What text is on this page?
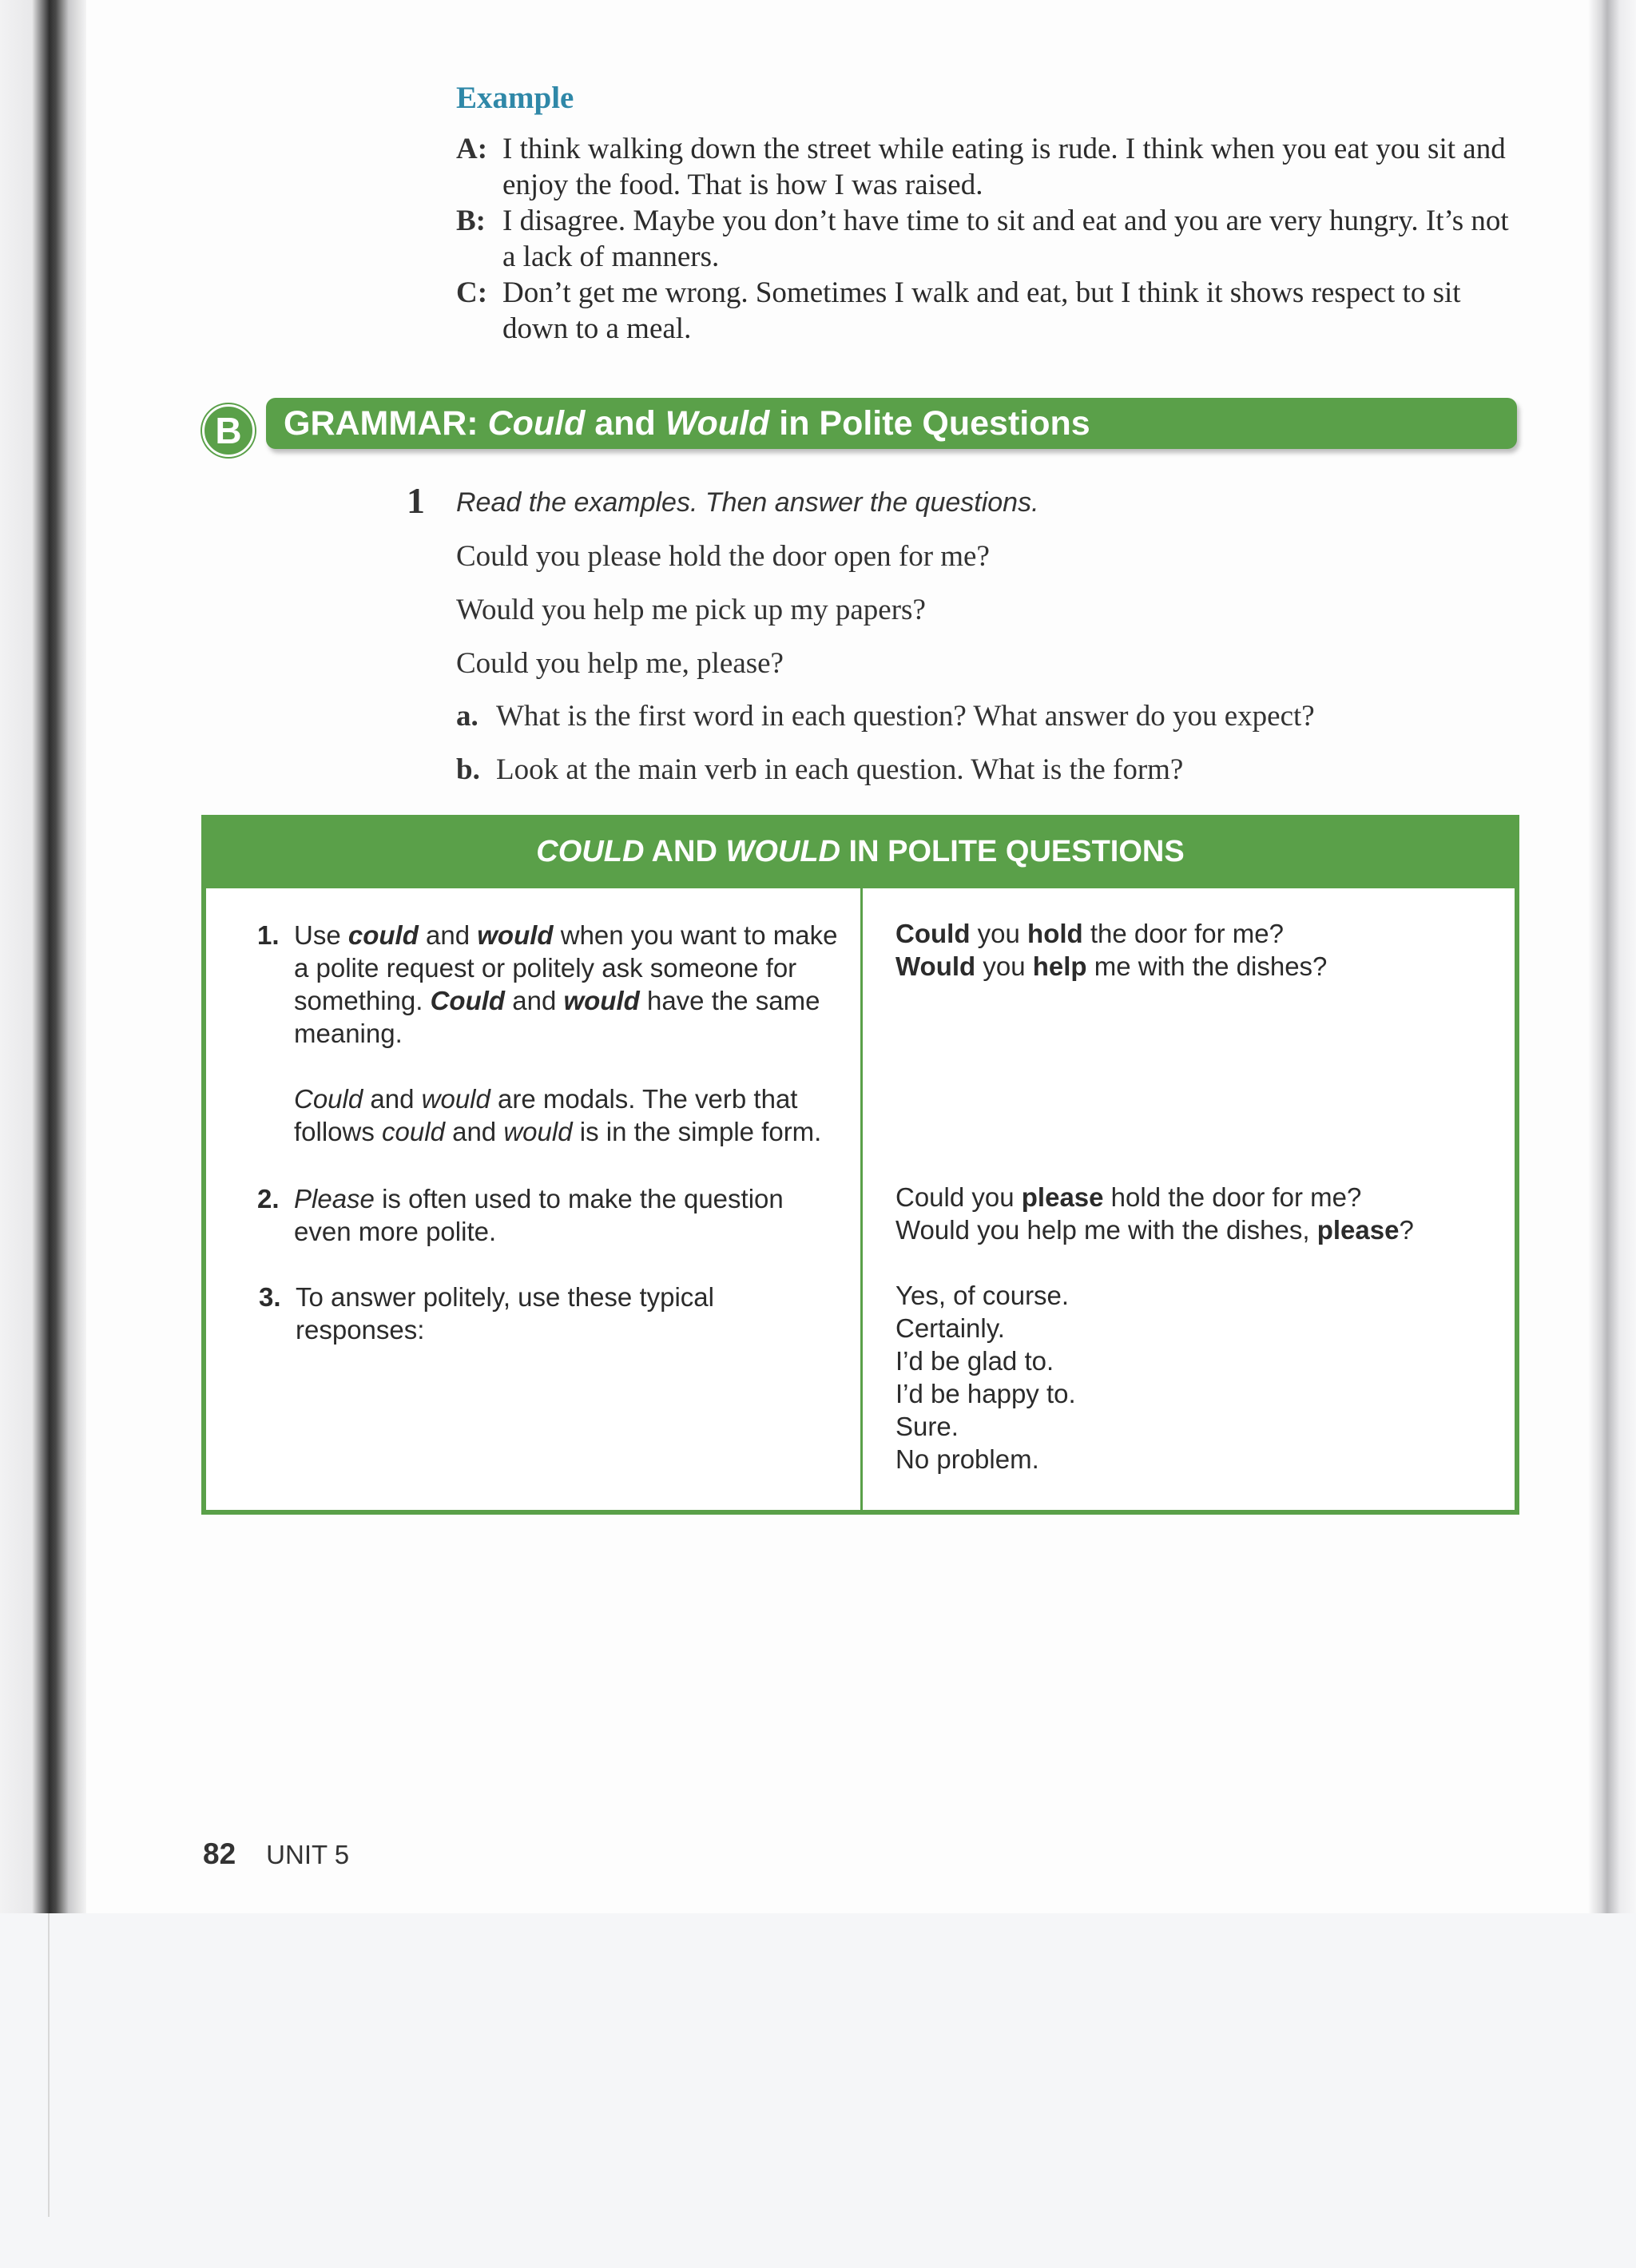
Example
A: I think walking down the street while eating is rude. I think when you eat you sit and enjoy the food. That is how I was raised.
B: I disagree. Maybe you don’t have time to sit and eat and you are very hungry. It’s not a lack of manners.
C: Don’t get me wrong. Sometimes I walk and eat, but I think it shows respect to sit down to a meal.
B	GRAMMAR: Could and Would in Polite Questions
1 Read the examples. Then answer the questions.
Could you please hold the door open for me?
Would you help me pick up my papers?
Could you help me, please?
a. What is the first word in each question? What answer do you expect?
b. Look at the main verb in each question. What is the form?
COULD AND WOULD IN POLITE QUESTIONS
1. Use could and would when you want to make a polite request or politely ask someone for something. Could and would have the same meaning.
Could and would are modals. The verb that follows could and would is in the simple form.
Could you hold the door for me?
Would you help me with the dishes?
2. Please is often used to make the question even more polite.
Could you please hold the door for me?
Would you help me with the dishes, please?
3. To answer politely, use these typical responses:
Yes, of course.
Certainly.
I’d be glad to.
I’d be happy to.
Sure.
No problem.
82 UNIT 5
